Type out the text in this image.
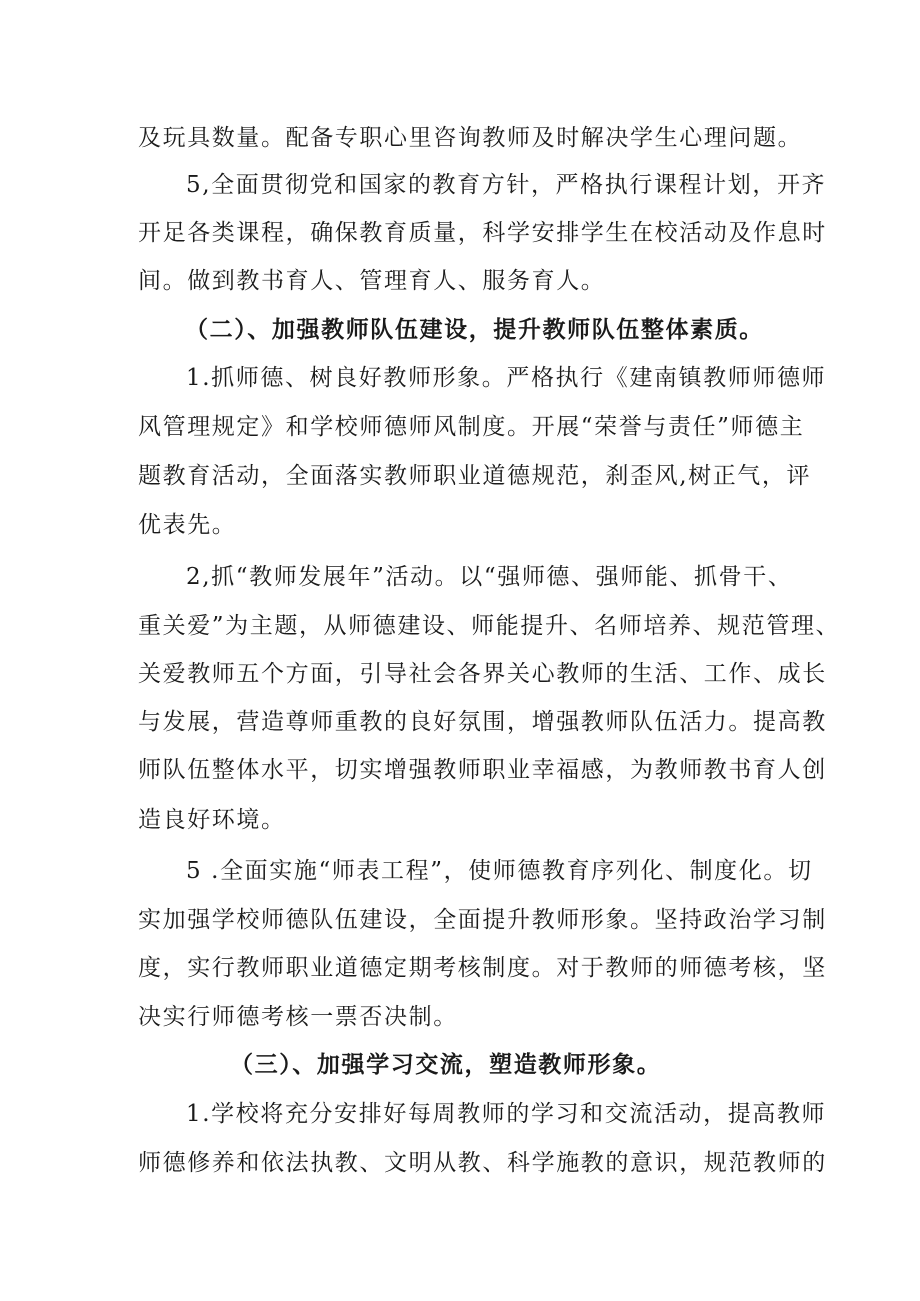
及玩具数量。配备专职心里咨询教师及时解决学生心理问题。
5,全面贯彻党和国家的教育方针，严格执行课程计划，开齐
开足各类课程，确保教育质量，科学安排学生在校活动及作息时
间。做到教书育人、管理育人、服务育人。
（二）、加强教师队伍建设，提升教师队伍整体素质。
1.抓师德、树良好教师形象。严格执行《建南镇教师师德师
风管理规定》和学校师德师风制度。开展“荣誉与责任”师德主
题教育活动，全面落实教师职业道德规范，刹歪风,树正气，评
优表先。
2,抓“教师发展年”活动。以“强师德、强师能、抓骨干、
重关爱”为主题，从师德建设、师能提升、名师培养、规范管理、
关爱教师五个方面，引导社会各界关心教师的生活、工作、成长
与发展，营造尊师重教的良好氛围，增强教师队伍活力。提高教
师队伍整体水平，切实增强教师职业幸福感，为教师教书育人创
造良好环境。
5 .全面实施“师表工程”，使师德教育序列化、制度化。切
实加强学校师德队伍建设，全面提升教师形象。坚持政治学习制
度，实行教师职业道德定期考核制度。对于教师的师德考核，坚
决实行师德考核一票否决制。
（三）、加强学习交流，塑造教师形象。
1.学校将充分安排好每周教师的学习和交流活动，提高教师
师德修养和依法执教、文明从教、科学施教的意识，规范教师的
